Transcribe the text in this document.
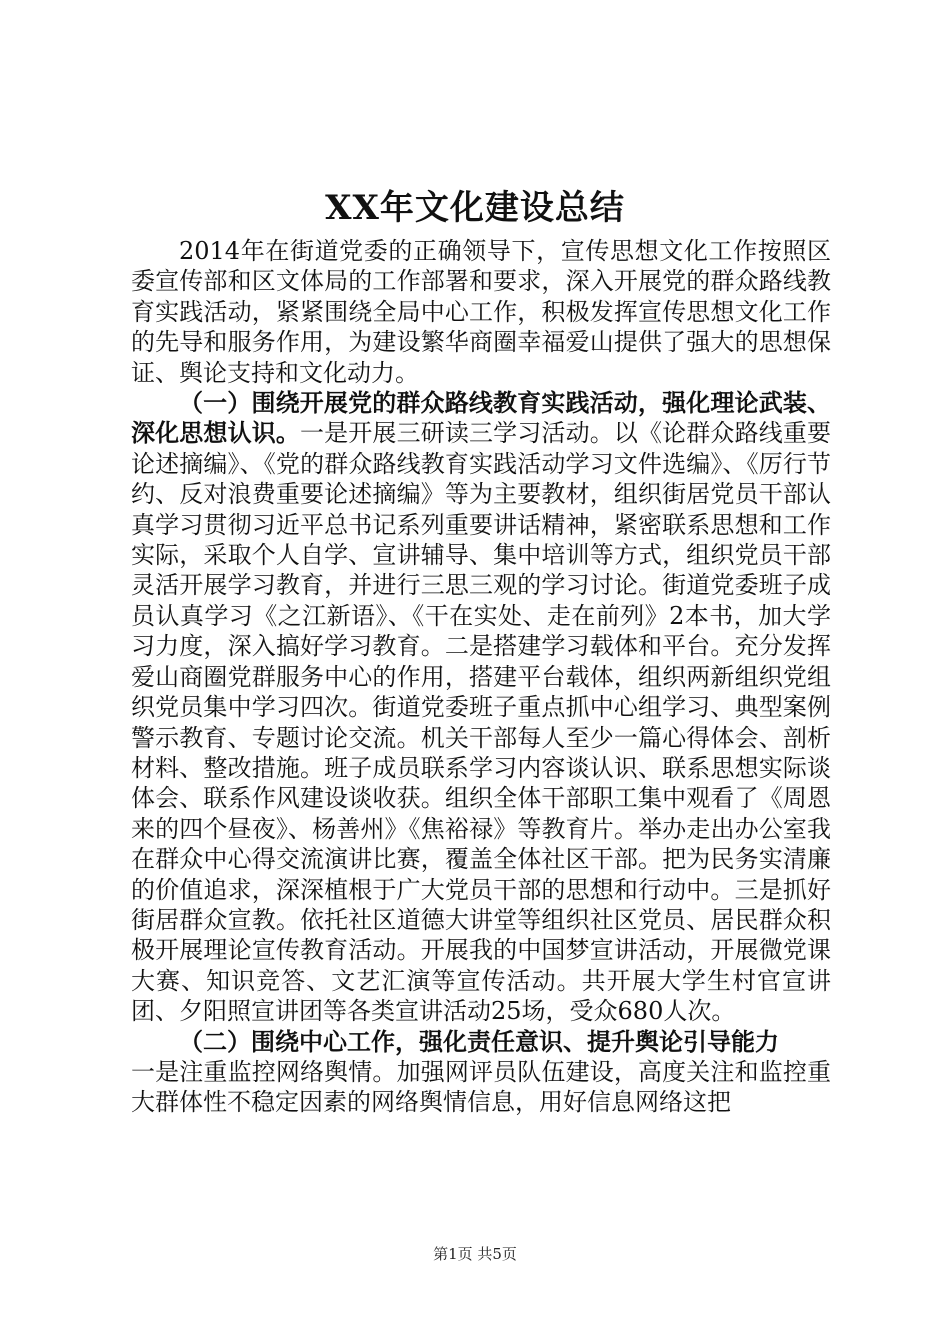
XX年文化建设总结

2014年在街道党委的正确领导下，宣传思想文化工作按照区委宣传部和区文体局的工作部署和要求，深入开展党的群众路线教育实践活动，紧紧围绕全局中心工作，积极发挥宣传思想文化工作的先导和服务作用，为建设繁华商圈幸福爱山提供了强大的思想保证、舆论支持和文化动力。

（一）围绕开展党的群众路线教育实践活动，强化理论武装、深化思想认识。一是开展三研读三学习活动。以《论群众路线重要论述摘编》、《党的群众路线教育实践活动学习文件选编》、《厉行节约、反对浪费重要论述摘编》等为主要教材，组织街居党员干部认真学习贯彻习近平总书记系列重要讲话精神，紧密联系思想和工作实际，采取个人自学、宣讲辅导、集中培训等方式，组织党员干部灵活开展学习教育，并进行三思三观的学习讨论。街道党委班子成员认真学习《之江新语》、《干在实处、走在前列》2本书，加大学习力度，深入搞好学习教育。二是搭建学习载体和平台。充分发挥爱山商圈党群服务中心的作用，搭建平台载体，组织两新组织党组织党员集中学习四次。街道党委班子重点抓中心组学习、典型案例警示教育、专题讨论交流。机关干部每人至少一篇心得体会、剖析材料、整改措施。班子成员联系学习内容谈认识、联系思想实际谈体会、联系作风建设谈收获。组织全体干部职工集中观看了《周恩来的四个昼夜》、杨善州》《焦裕禄》等教育片。举办走出办公室我在群众中心得交流演讲比赛，覆盖全体社区干部。把为民务实清廉的价值追求，深深植根于广大党员干部的思想和行动中。三是抓好街居群众宣教。依托社区道德大讲堂等组织社区党员、居民群众积极开展理论宣传教育活动。开展我的中国梦宣讲活动，开展微党课大赛、知识竞答、文艺汇演等宣传活动。共开展大学生村官宣讲团、夕阳照宣讲团等各类宣讲活动25场，受众680人次。

（二）围绕中心工作，强化责任意识、提升舆论引导能力

一是注重监控网络舆情。加强网评员队伍建设，高度关注和监控重大群体性不稳定因素的网络舆情信息，用好信息网络这把

第1页 共5页
